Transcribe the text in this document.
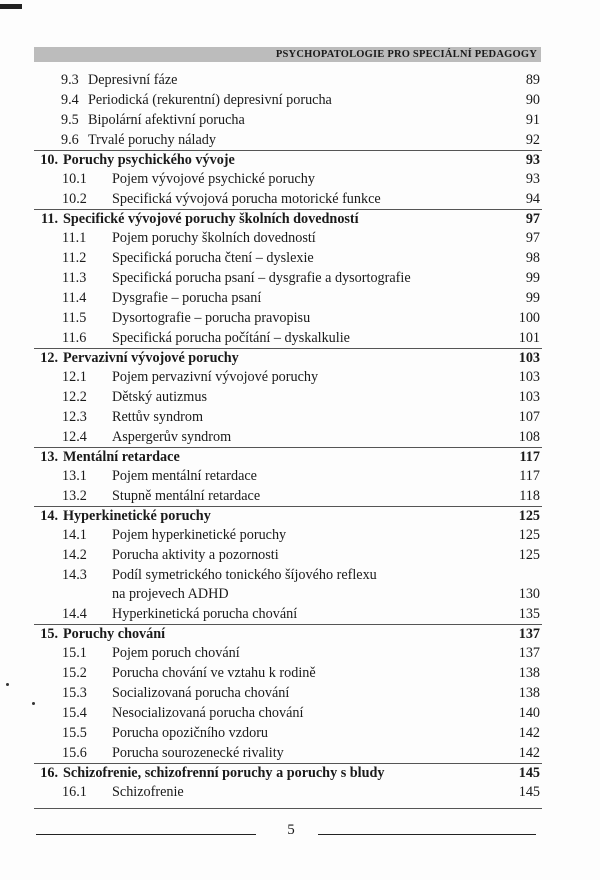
PSYCHOPATOLOGIE PRO SPECIÁLNÍ PEDAGOGY
9.3 Depresivní fáze	89
9.4 Periodická (rekurentní) depresivní porucha	90
9.5 Bipolární afektivní porucha	91
9.6 Trvalé poruchy nálady	92
10. Poruchy psychického vývoje	93
10.1 Pojem vývojové psychické poruchy	93
10.2 Specifická vývojová porucha motorické funkce	94
11. Specifické vývojové poruchy školních dovedností	97
11.1 Pojem poruchy školních dovedností	97
11.2 Specifická porucha čtení – dyslexie	98
11.3 Specifická porucha psaní – dysgrafie a dysortografie	99
11.4 Dysgrafie – porucha psaní	99
11.5 Dysortografie – porucha pravopisu	100
11.6 Specifická porucha počítání – dyskalkulie	101
12. Pervazivní vývojové poruchy	103
12.1 Pojem pervazivní vývojové poruchy	103
12.2 Dětský autizmus	103
12.3 Rettův syndrom	107
12.4 Aspergerův syndrom	108
13. Mentální retardace	117
13.1 Pojem mentální retardace	117
13.2 Stupně mentální retardace	118
14. Hyperkinetické poruchy	125
14.1 Pojem hyperkinetické poruchy	125
14.2 Porucha aktivity a pozornosti	125
14.3 Podíl symetrického tonického šíjového reflexu
na projevech ADHD	130
14.4 Hyperkinetická porucha chování	135
15. Poruchy chování	137
15.1 Pojem poruch chování	137
15.2 Porucha chování ve vztahu k rodině	138
15.3 Socializovaná porucha chování	138
15.4 Nesocializovaná porucha chování	140
15.5 Porucha opozičního vzdoru	142
15.6 Porucha sourozenecké rivality	142
16. Schizofrenie, schizofrenní poruchy a poruchy s bludy	145
16.1 Schizofrenie	145
5
